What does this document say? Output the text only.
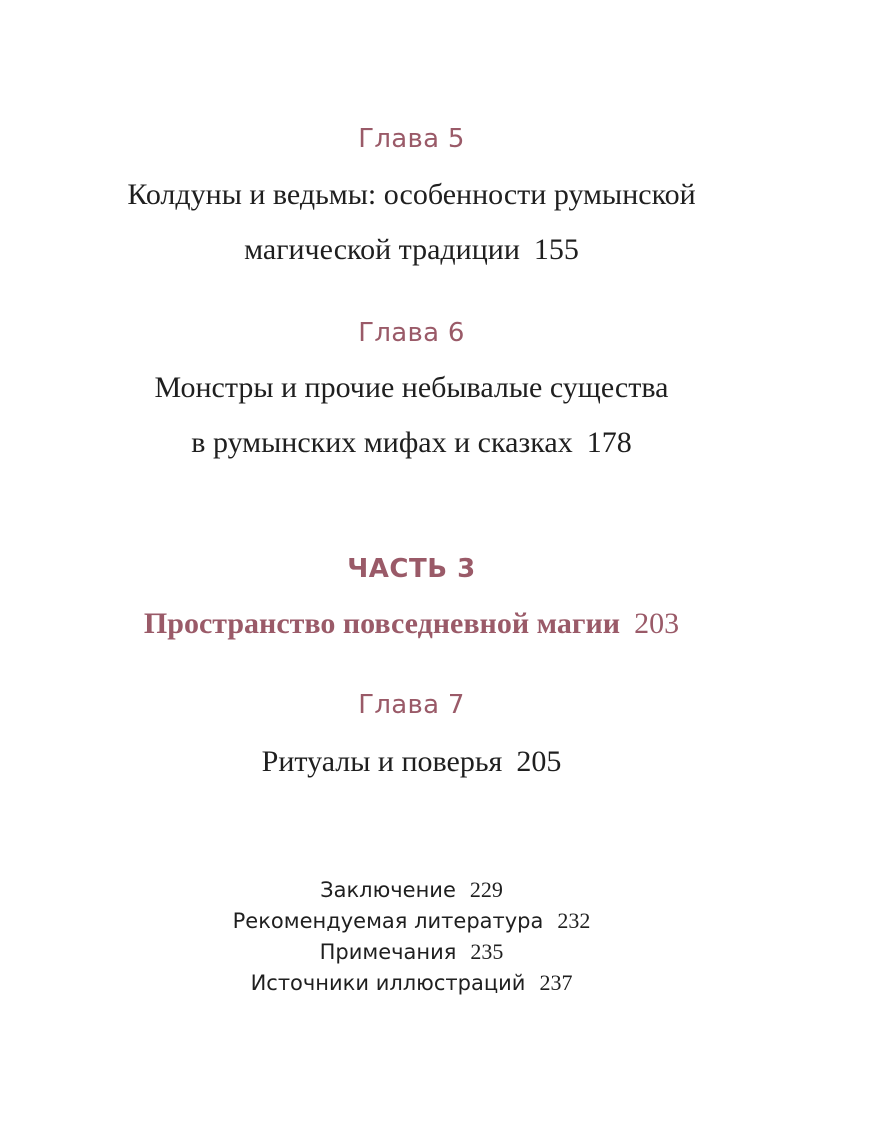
Глава 5
Колдуны и ведьмы: особенности румынской
магической традиции 155
Глава 6
Монстры и прочие небывалые существа
в румынских мифах и сказках 178
ЧАСТЬ 3
Пространство повседневной магии 203
Глава 7
Ритуалы и поверья 205
Заключение 229
Рекомендуемая литература 232
Примечания 235
Источники иллюстраций 237
